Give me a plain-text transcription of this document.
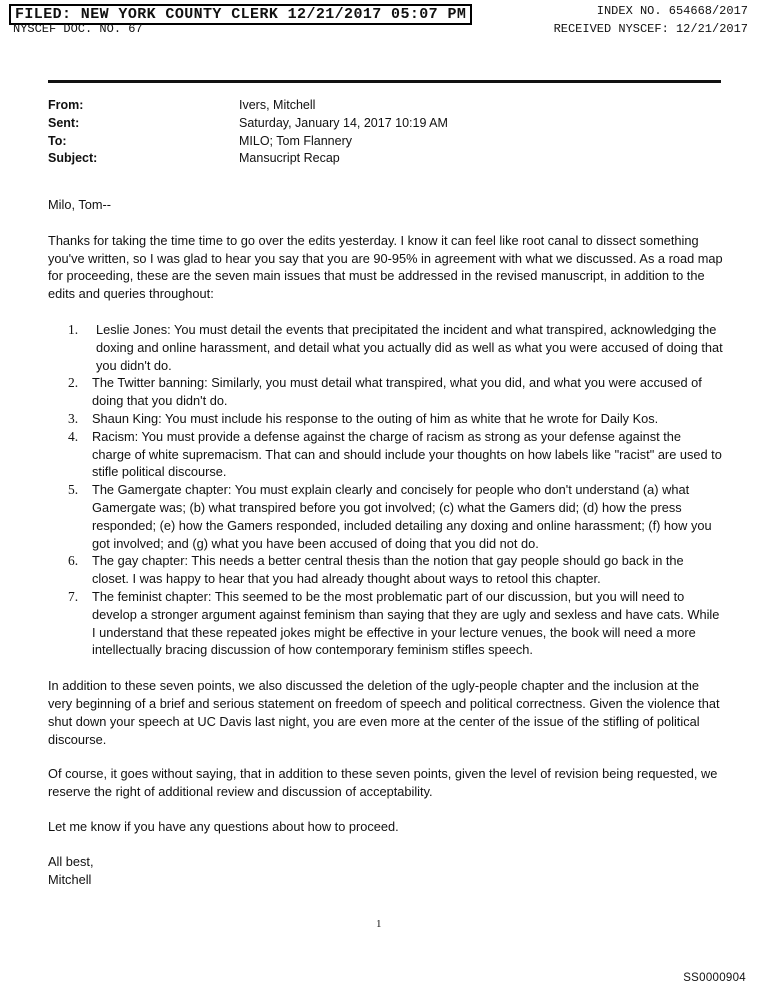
FILED: NEW YORK COUNTY CLERK 12/21/2017 05:07 PM
NYSCEF DOC. NO. 67
INDEX NO. 654668/2017
RECEIVED NYSCEF: 12/21/2017
From:	Ivers, Mitchell
Sent:	Saturday, January 14, 2017 10:19 AM
To:	MILO; Tom Flannery
Subject:	Mansucript Recap

Milo, Tom--

Thanks for taking the time time to go over the edits yesterday. I know it can feel like root canal to dissect something you've written, so I was glad to hear you say that you are 90-95% in agreement with what we discussed. As a road map for proceeding, these are the seven main issues that must be addressed in the revised manuscript, in addition to the edits and queries throughout:

1.	Leslie Jones: You must detail the events that precipitated the incident and what transpired, acknowledging the doxing and online harassment, and detail what you actually did as well as what you were accused of doing that you didn't do.
2.	The Twitter banning: Similarly, you must detail what transpired, what you did, and what you were accused of doing that you didn't do.
3.	Shaun King: You must include his response to the outing of him as white that he wrote for Daily Kos.
4.	Racism: You must provide a defense against the charge of racism as strong as your defense against the charge of white supremacism. That can and should include your thoughts on how labels like "racist" are used to stifle political discourse.
5.	The Gamergate chapter: You must explain clearly and concisely for people who don't understand (a) what Gamergate was; (b) what transpired before you got involved; (c) what the Gamers did; (d) how the press responded; (e) how the Gamers responded, included detailing any doxing and online harassment; (f) how you got involved; and (g) what you have been accused of doing that you did not do.
6.	The gay chapter: This needs a better central thesis than the notion that gay people should go back in the closet. I was happy to hear that you had already thought about ways to retool this chapter.
7.	The feminist chapter: This seemed to be the most problematic part of our discussion, but you will need to develop a stronger argument against feminism than saying that they are ugly and sexless and have cats. While I understand that these repeated jokes might be effective in your lecture venues, the book will need a more intellectually bracing discussion of how contemporary feminism stifles speech.

In addition to these seven points, we also discussed the deletion of the ugly-people chapter and the inclusion at the very beginning of a brief and serious statement on freedom of speech and political correctness. Given the violence that shut down your speech at UC Davis last night, you are even more at the center of the issue of the stifling of political discourse.

Of course, it goes without saying, that in addition to these seven points, given the level of revision being requested, we reserve the right of additional review and discussion of acceptability.

Let me know if you have any questions about how to proceed.

All best,

Mitchell

1
SS0000904
